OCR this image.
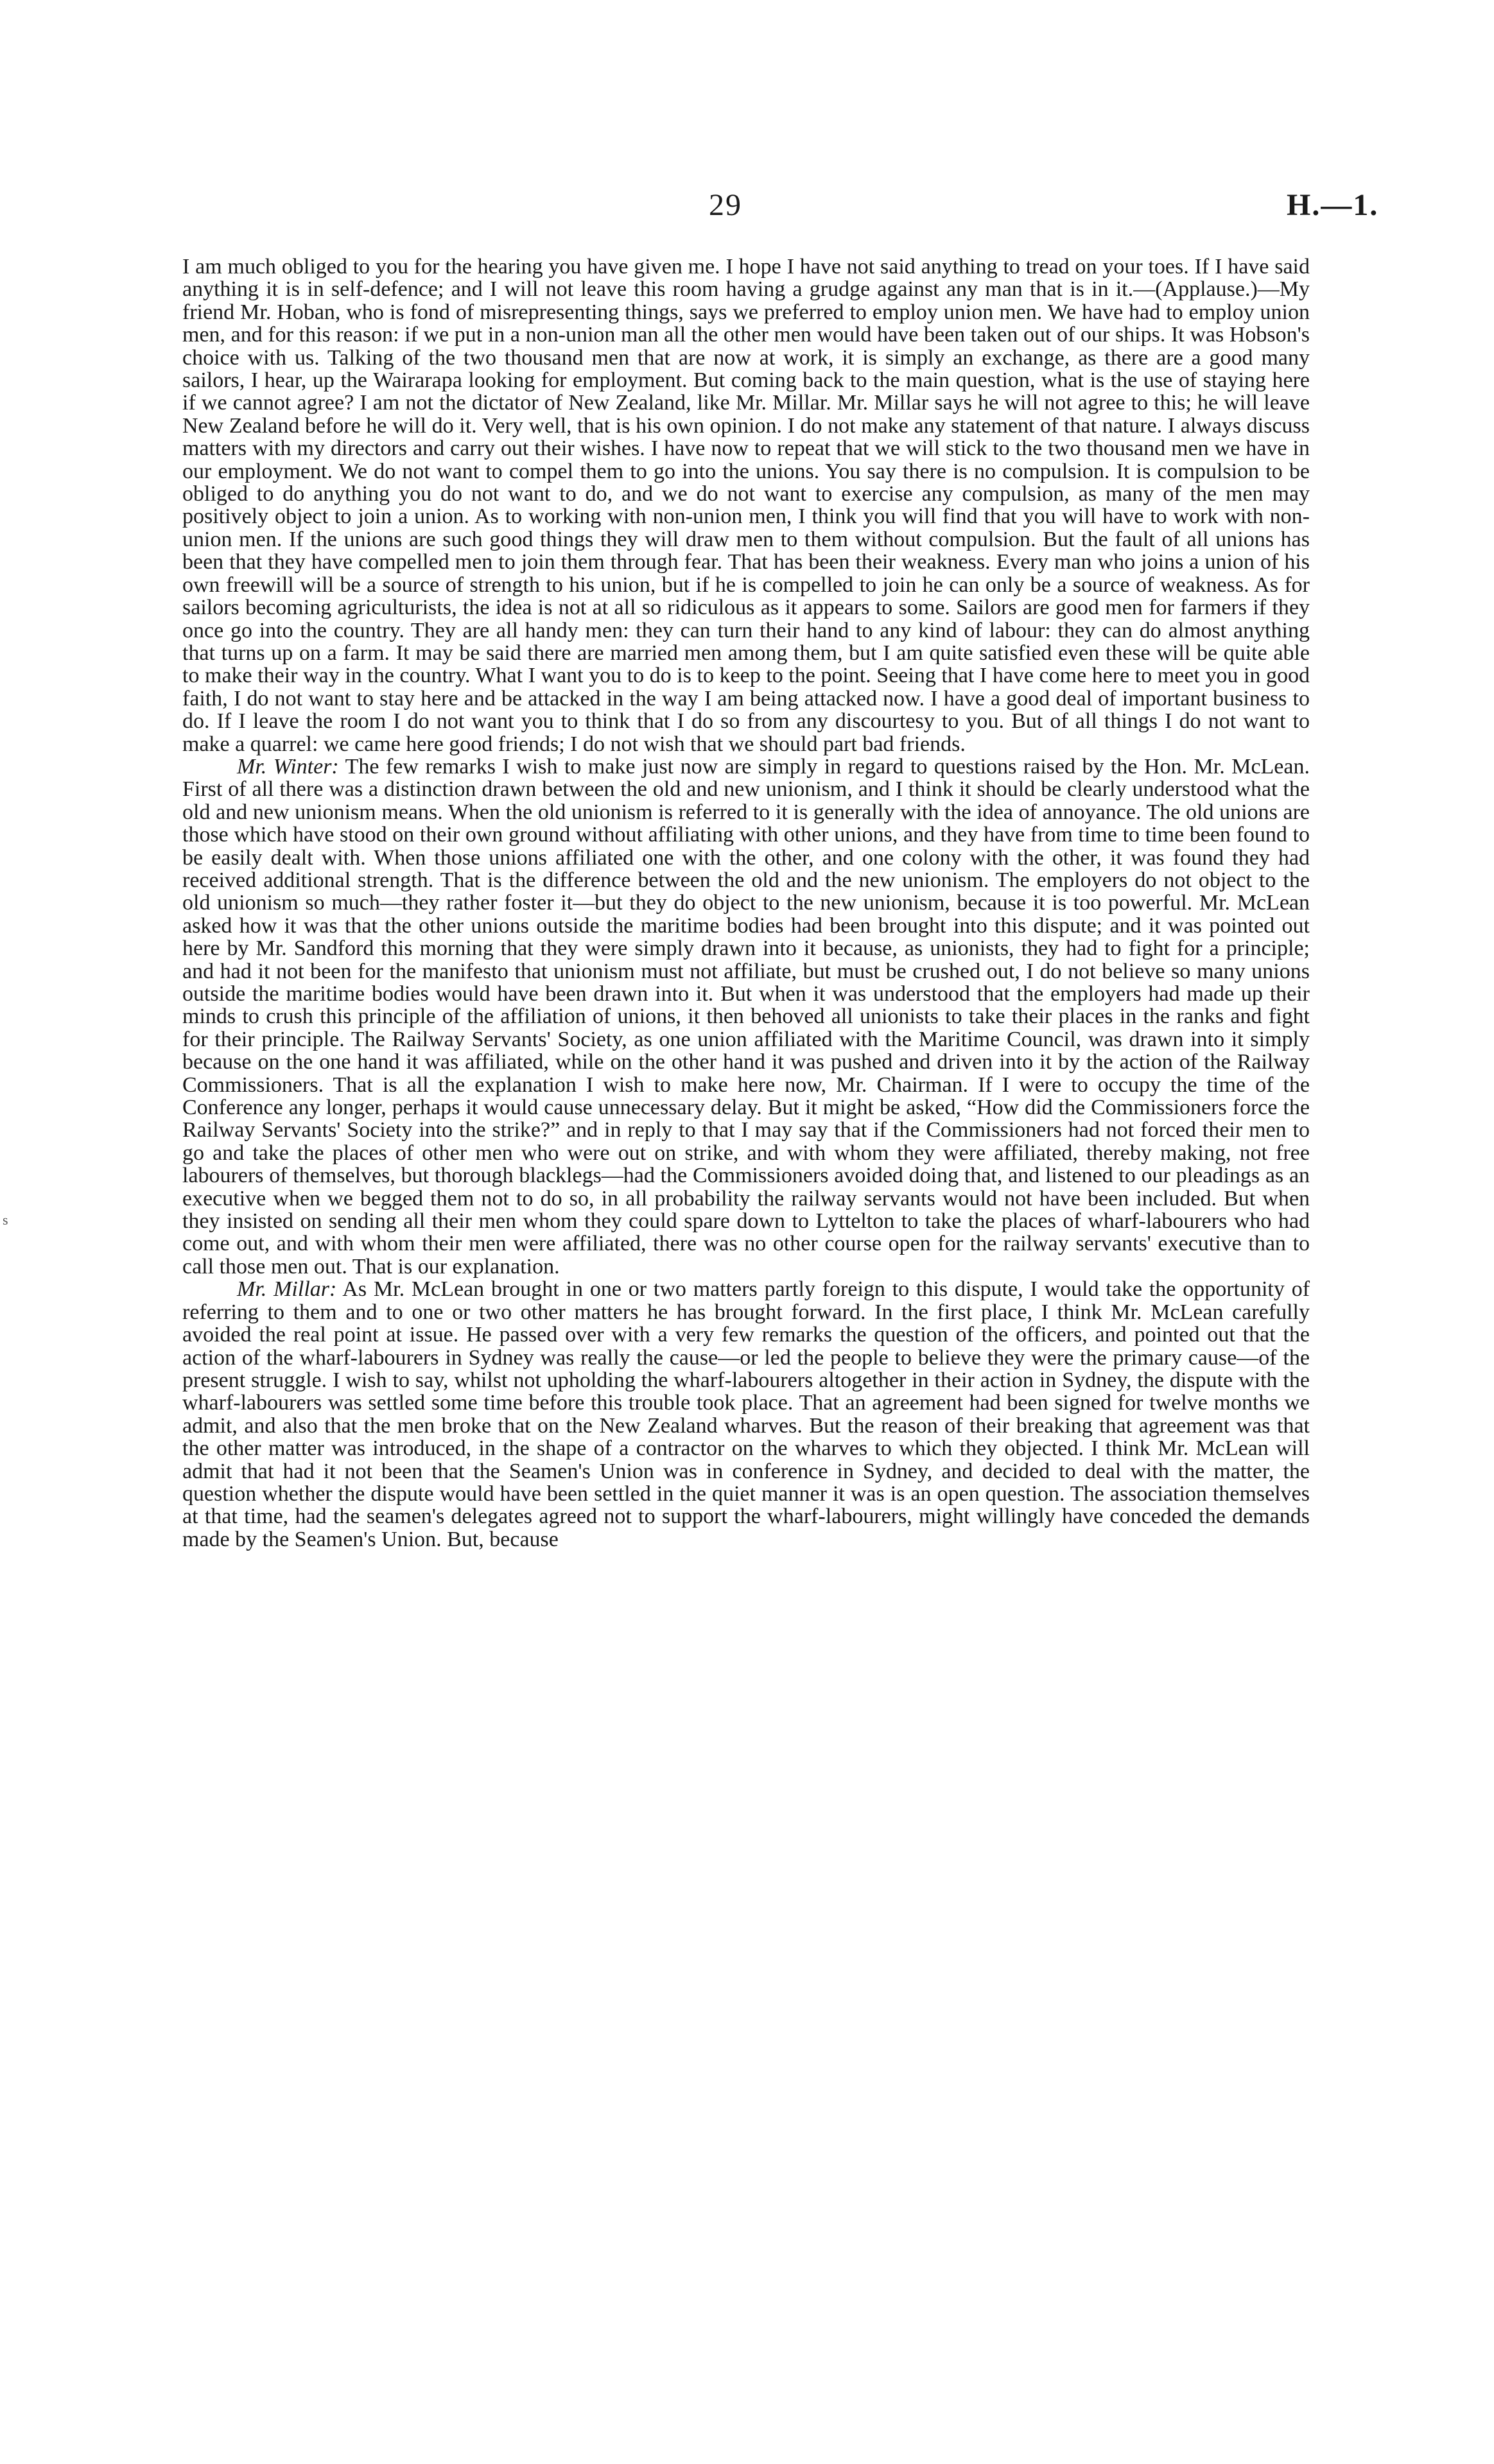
29	H.—1.
s

I am much obliged to you for the hearing you have given me. I hope I have not said anything to tread on your toes. If I have said anything it is in self-defence; and I will not leave this room having a grudge against any man that is in it.—(Applause.)—My friend Mr. Hoban, who is fond of misrepresenting things, says we preferred to employ union men. We have had to employ union men, and for this reason: if we put in a non-union man all the other men would have been taken out of our ships. It was Hobson's choice with us. Talking of the two thousand men that are now at work, it is simply an exchange, as there are a good many sailors, I hear, up the Wairarapa looking for employment. But coming back to the main question, what is the use of staying here if we cannot agree? I am not the dictator of New Zealand, like Mr. Millar. Mr. Millar says he will not agree to this; he will leave New Zealand before he will do it. Very well, that is his own opinion. I do not make any statement of that nature. I always discuss matters with my directors and carry out their wishes. I have now to repeat that we will stick to the two thousand men we have in our employment. We do not want to compel them to go into the unions. You say there is no compulsion. It is compulsion to be obliged to do anything you do not want to do, and we do not want to exercise any compulsion, as many of the men may positively object to join a union. As to working with non-union men, I think you will find that you will have to work with non-union men. If the unions are such good things they will draw men to them without compulsion. But the fault of all unions has been that they have compelled men to join them through fear. That has been their weakness. Every man who joins a union of his own freewill will be a source of strength to his union, but if he is compelled to join he can only be a source of weakness. As for sailors becoming agriculturists, the idea is not at all so ridiculous as it appears to some. Sailors are good men for farmers if they once go into the country. They are all handy men: they can turn their hand to any kind of labour: they can do almost anything that turns up on a farm. It may be said there are married men among them, but I am quite satisfied even these will be quite able to make their way in the country. What I want you to do is to keep to the point. Seeing that I have come here to meet you in good faith, I do not want to stay here and be attacked in the way I am being attacked now. I have a good deal of important business to do. If I leave the room I do not want you to think that I do so from any discourtesy to you. But of all things I do not want to make a quarrel: we came here good friends; I do not wish that we should part bad friends.

Mr. Winter: The few remarks I wish to make just now are simply in regard to questions raised by the Hon. Mr. McLean. First of all there was a distinction drawn between the old and new unionism, and I think it should be clearly understood what the old and new unionism means. When the old unionism is referred to it is generally with the idea of annoyance. The old unions are those which have stood on their own ground without affiliating with other unions, and they have from time to time been found to be easily dealt with. When those unions affiliated one with the other, and one colony with the other, it was found they had received additional strength. That is the difference between the old and the new unionism. The employers do not object to the old unionism so much—they rather foster it—but they do object to the new unionism, because it is too powerful. Mr. McLean asked how it was that the other unions outside the maritime bodies had been brought into this dispute; and it was pointed out here by Mr. Sandford this morning that they were simply drawn into it because, as unionists, they had to fight for a principle; and had it not been for the manifesto that unionism must not affiliate, but must be crushed out, I do not believe so many unions outside the maritime bodies would have been drawn into it. But when it was understood that the employers had made up their minds to crush this principle of the affiliation of unions, it then behoved all unionists to take their places in the ranks and fight for their principle. The Railway Servants' Society, as one union affiliated with the Maritime Council, was drawn into it simply because on the one hand it was affiliated, while on the other hand it was pushed and driven into it by the action of the Railway Commissioners. That is all the explanation I wish to make here now, Mr. Chairman. If I were to occupy the time of the Conference any longer, perhaps it would cause unnecessary delay. But it might be asked, “How did the Commissioners force the Railway Servants' Society into the strike?” and in reply to that I may say that if the Commissioners had not forced their men to go and take the places of other men who were out on strike, and with whom they were affiliated, thereby making, not free labourers of themselves, but thorough blacklegs—had the Commissioners avoided doing that, and listened to our pleadings as an executive when we begged them not to do so, in all probability the railway servants would not have been included. But when they insisted on sending all their men whom they could spare down to Lyttelton to take the places of wharf-labourers who had come out, and with whom their men were affiliated, there was no other course open for the railway servants' executive than to call those men out. That is our explanation.

Mr. Millar: As Mr. McLean brought in one or two matters partly foreign to this dispute, I would take the opportunity of referring to them and to one or two other matters he has brought forward. In the first place, I think Mr. McLean carefully avoided the real point at issue. He passed over with a very few remarks the question of the officers, and pointed out that the action of the wharf-labourers in Sydney was really the cause—or led the people to believe they were the primary cause—of the present struggle. I wish to say, whilst not upholding the wharf-labourers altogether in their action in Sydney, the dispute with the wharf-labourers was settled some time before this trouble took place. That an agreement had been signed for twelve months we admit, and also that the men broke that on the New Zealand wharves. But the reason of their breaking that agreement was that the other matter was introduced, in the shape of a contractor on the wharves to which they objected. I think Mr. McLean will admit that had it not been that the Seamen's Union was in conference in Sydney, and decided to deal with the matter, the question whether the dispute would have been settled in the quiet manner it was is an open question. The association themselves at that time, had the seamen's delegates agreed not to support the wharf-labourers, might willingly have conceded the demands made by the Seamen's Union. But, because
